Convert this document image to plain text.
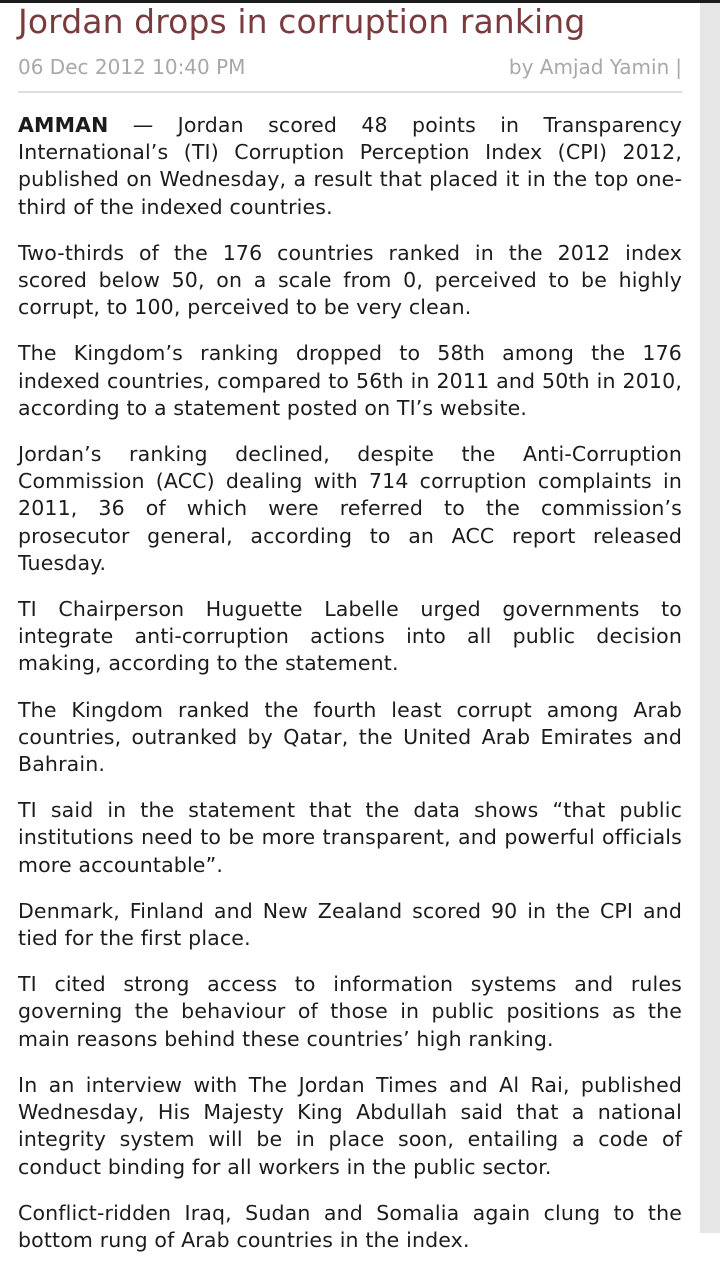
Jordan drops in corruption ranking
06 Dec 2012 10:40 PM	by Amjad Yamin |

AMMAN — Jordan scored 48 points in Transparency International’s (TI) Corruption Perception Index (CPI) 2012, published on Wednesday, a result that placed it in the top one-third of the indexed countries.

Two-thirds of the 176 countries ranked in the 2012 index scored below 50, on a scale from 0, perceived to be highly corrupt, to 100, perceived to be very clean.

The Kingdom’s ranking dropped to 58th among the 176 indexed countries, compared to 56th in 2011 and 50th in 2010, according to a statement posted on TI’s website.

Jordan’s ranking declined, despite the Anti-Corruption Commission (ACC) dealing with 714 corruption complaints in 2011, 36 of which were referred to the commission’s prosecutor general, according to an ACC report released Tuesday.

TI Chairperson Huguette Labelle urged governments to integrate anti-corruption actions into all public decision making, according to the statement.

The Kingdom ranked the fourth least corrupt among Arab countries, outranked by Qatar, the United Arab Emirates and Bahrain.

TI said in the statement that the data shows “that public institutions need to be more transparent, and powerful officials more accountable”.

Denmark, Finland and New Zealand scored 90 in the CPI and tied for the first place.

TI cited strong access to information systems and rules governing the behaviour of those in public positions as the main reasons behind these countries’ high ranking.

In an interview with The Jordan Times and Al Rai, published Wednesday, His Majesty King Abdullah said that a national integrity system will be in place soon, entailing a code of conduct binding for all workers in the public sector.

Conflict-ridden Iraq, Sudan and Somalia again clung to the bottom rung of Arab countries in the index.
